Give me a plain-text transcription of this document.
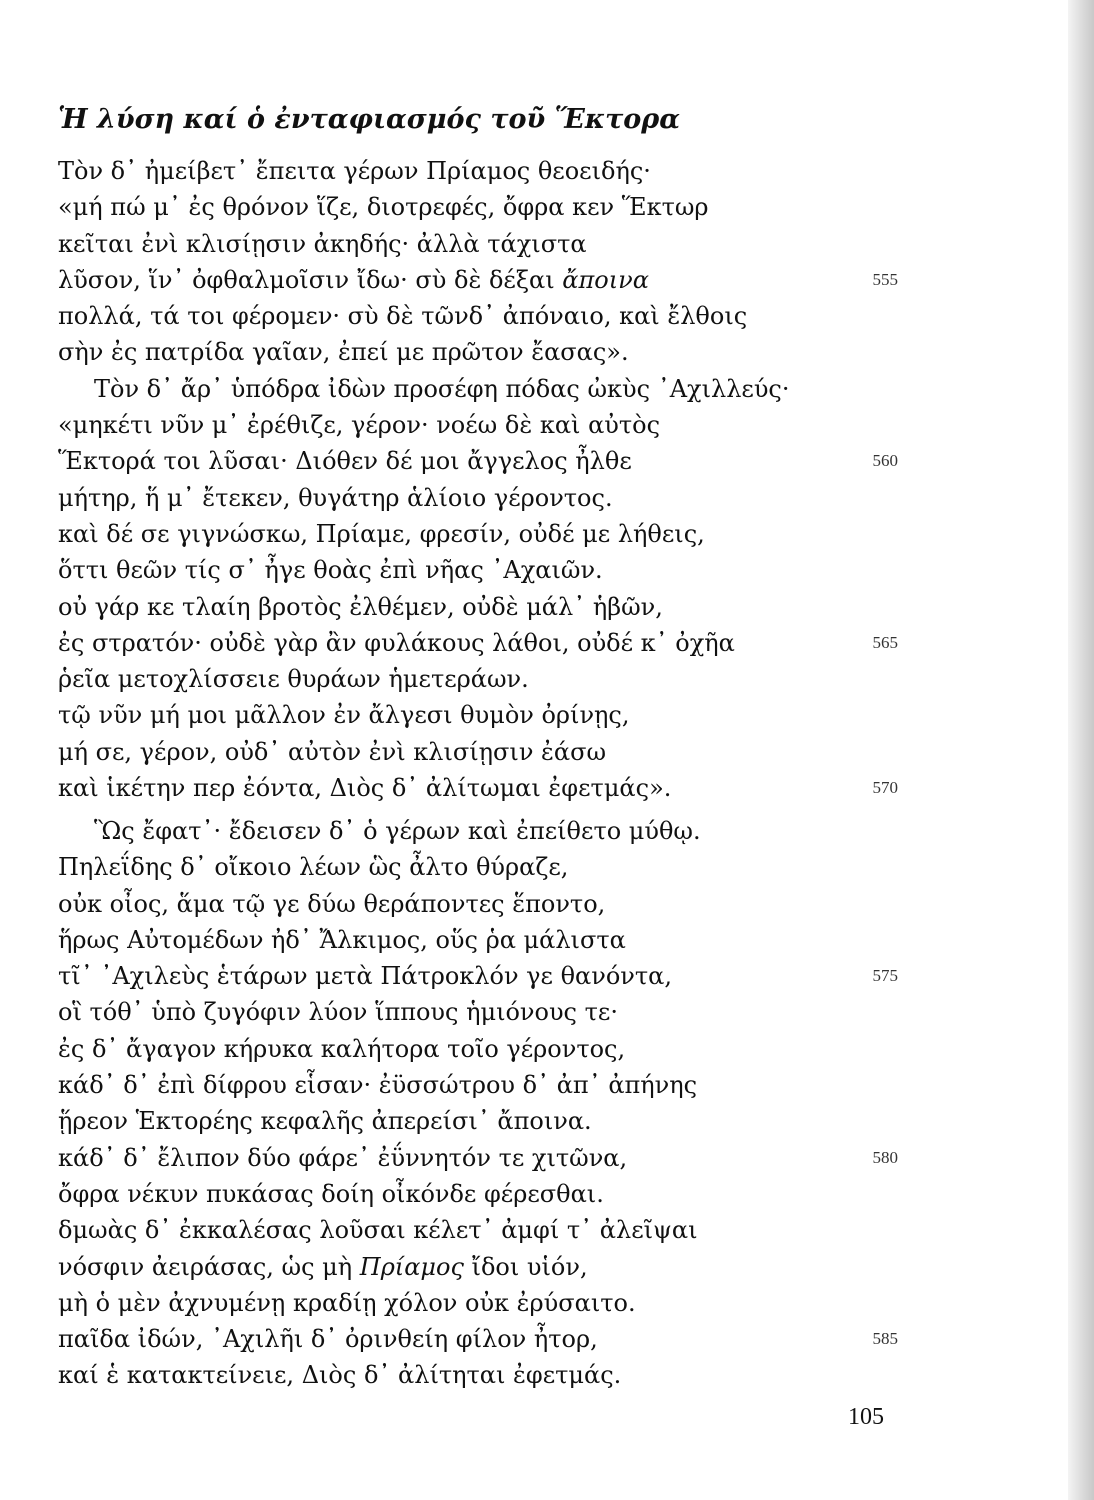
Ἡ λύση καί ὁ ἐνταφιασμός τοῦ Ἕκτορα
Τὸν δ᾽ ἠμείβετ᾽ ἔπειτα γέρων Πρίαμος θεοειδής·
«μή πώ μ᾽ ἐς θρόνον ἵζε, διοτρεφές, ὄφρα κεν Ἕκτωρ
κεῖται ἐνὶ κλισίῃσιν ἀκηδής· ἀλλὰ τάχιστα
λῦσον, ἵν᾽ ὀφθαλμοῖσιν ἴδω· σὺ δὲ δέξαι ἄποινα	555
πολλά, τά τοι φέρομεν· σὺ δὲ τῶνδ᾽ ἀπόναιο, καὶ ἔλθοις
σὴν ἐς πατρίδα γαῖαν, ἐπεί με πρῶτον ἔασας».
Τὸν δ᾽ ἄρ᾽ ὑπόδρα ἰδὼν προσέφη πόδας ὠκὺς ᾿Αχιλλεύς·
«μηκέτι νῦν μ᾽ ἐρέθιζε, γέρον· νοέω δὲ καὶ αὐτὸς
Ἕκτορά τοι λῦσαι· Διόθεν δέ μοι ἄγγελος ἦλθε	560
μήτηρ, ἥ μ᾽ ἔτεκεν, θυγάτηρ ἁλίοιο γέροντος.
καὶ δέ σε γιγνώσκω, Πρίαμε, φρεσίν, οὐδέ με λήθεις,
ὅττι θεῶν τίς σ᾽ ἦγε θοὰς ἐπὶ νῆας ᾿Αχαιῶν.
οὐ γάρ κε τλαίη βροτὸς ἐλθέμεν, οὐδὲ μάλ᾽ ἡβῶν,
ἐς στρατόν· οὐδὲ γὰρ ἂν φυλάκους λάθοι, οὐδέ κ᾽ ὀχῆα	565
ῥεῖα μετοχλίσσειε θυράων ἡμετεράων.
τῷ νῦν μή μοι μᾶλλον ἐν ἄλγεσι θυμὸν ὀρίνῃς,
μή σε, γέρον, οὐδ᾽ αὐτὸν ἐνὶ κλισίῃσιν ἐάσω
καὶ ἱκέτην περ ἐόντα, Διὸς δ᾽ ἀλίτωμαι ἐφετμάς».	570
Ὣς ἔφατ᾽· ἔδεισεν δ᾽ ὁ γέρων καὶ ἐπείθετο μύθῳ.
Πηλεΐδης δ᾽ οἴκοιο λέων ὣς ἆλτο θύραζε,
οὐκ οἶος, ἅμα τῷ γε δύω θεράποντες ἕποντο,
ἥρως Αὐτομέδων ἠδ᾽ Ἄλκιμος, οὕς ῥα μάλιστα
τῖ᾽ ᾿Αχιλεὺς ἑτάρων μετὰ Πάτροκλόν γε θανόντα,	575
οἳ τόθ᾽ ὑπὸ ζυγόφιν λύον ἵππους ἡμιόνους τε·
ἐς δ᾽ ἄγαγον κήρυκα καλήτορα τοῖο γέροντος,
κάδ᾽ δ᾽ ἐπὶ δίφρου εἷσαν· ἐϋσσώτρου δ᾽ ἀπ᾽ ἀπήνης
ᾕρεον Ἑκτορέης κεφαλῆς ἀπερείσι᾽ ἄποινα.
κάδ᾽ δ᾽ ἔλιπον δύο φάρε᾽ ἐΰννητόν τε χιτῶνα,	580
ὄφρα νέκυν πυκάσας δοίη οἶκόνδε φέρεσθαι.
δμωὰς δ᾽ ἐκκαλέσας λοῦσαι κέλετ᾽ ἀμφί τ᾽ ἀλεῖψαι
νόσφιν ἀειράσας, ὡς μὴ Πρίαμος ἴδοι υἱόν,
μὴ ὁ μὲν ἀχνυμένῃ κραδίῃ χόλον οὐκ ἐρύσαιτο.
παῖδα ἰδών, ᾿Αχιλῆι δ᾽ ὀρινθείη φίλον ἦτορ,	585
καί ἑ κατακτείνειε, Διὸς δ᾽ ἀλίτηται ἐφετμάς.
105
